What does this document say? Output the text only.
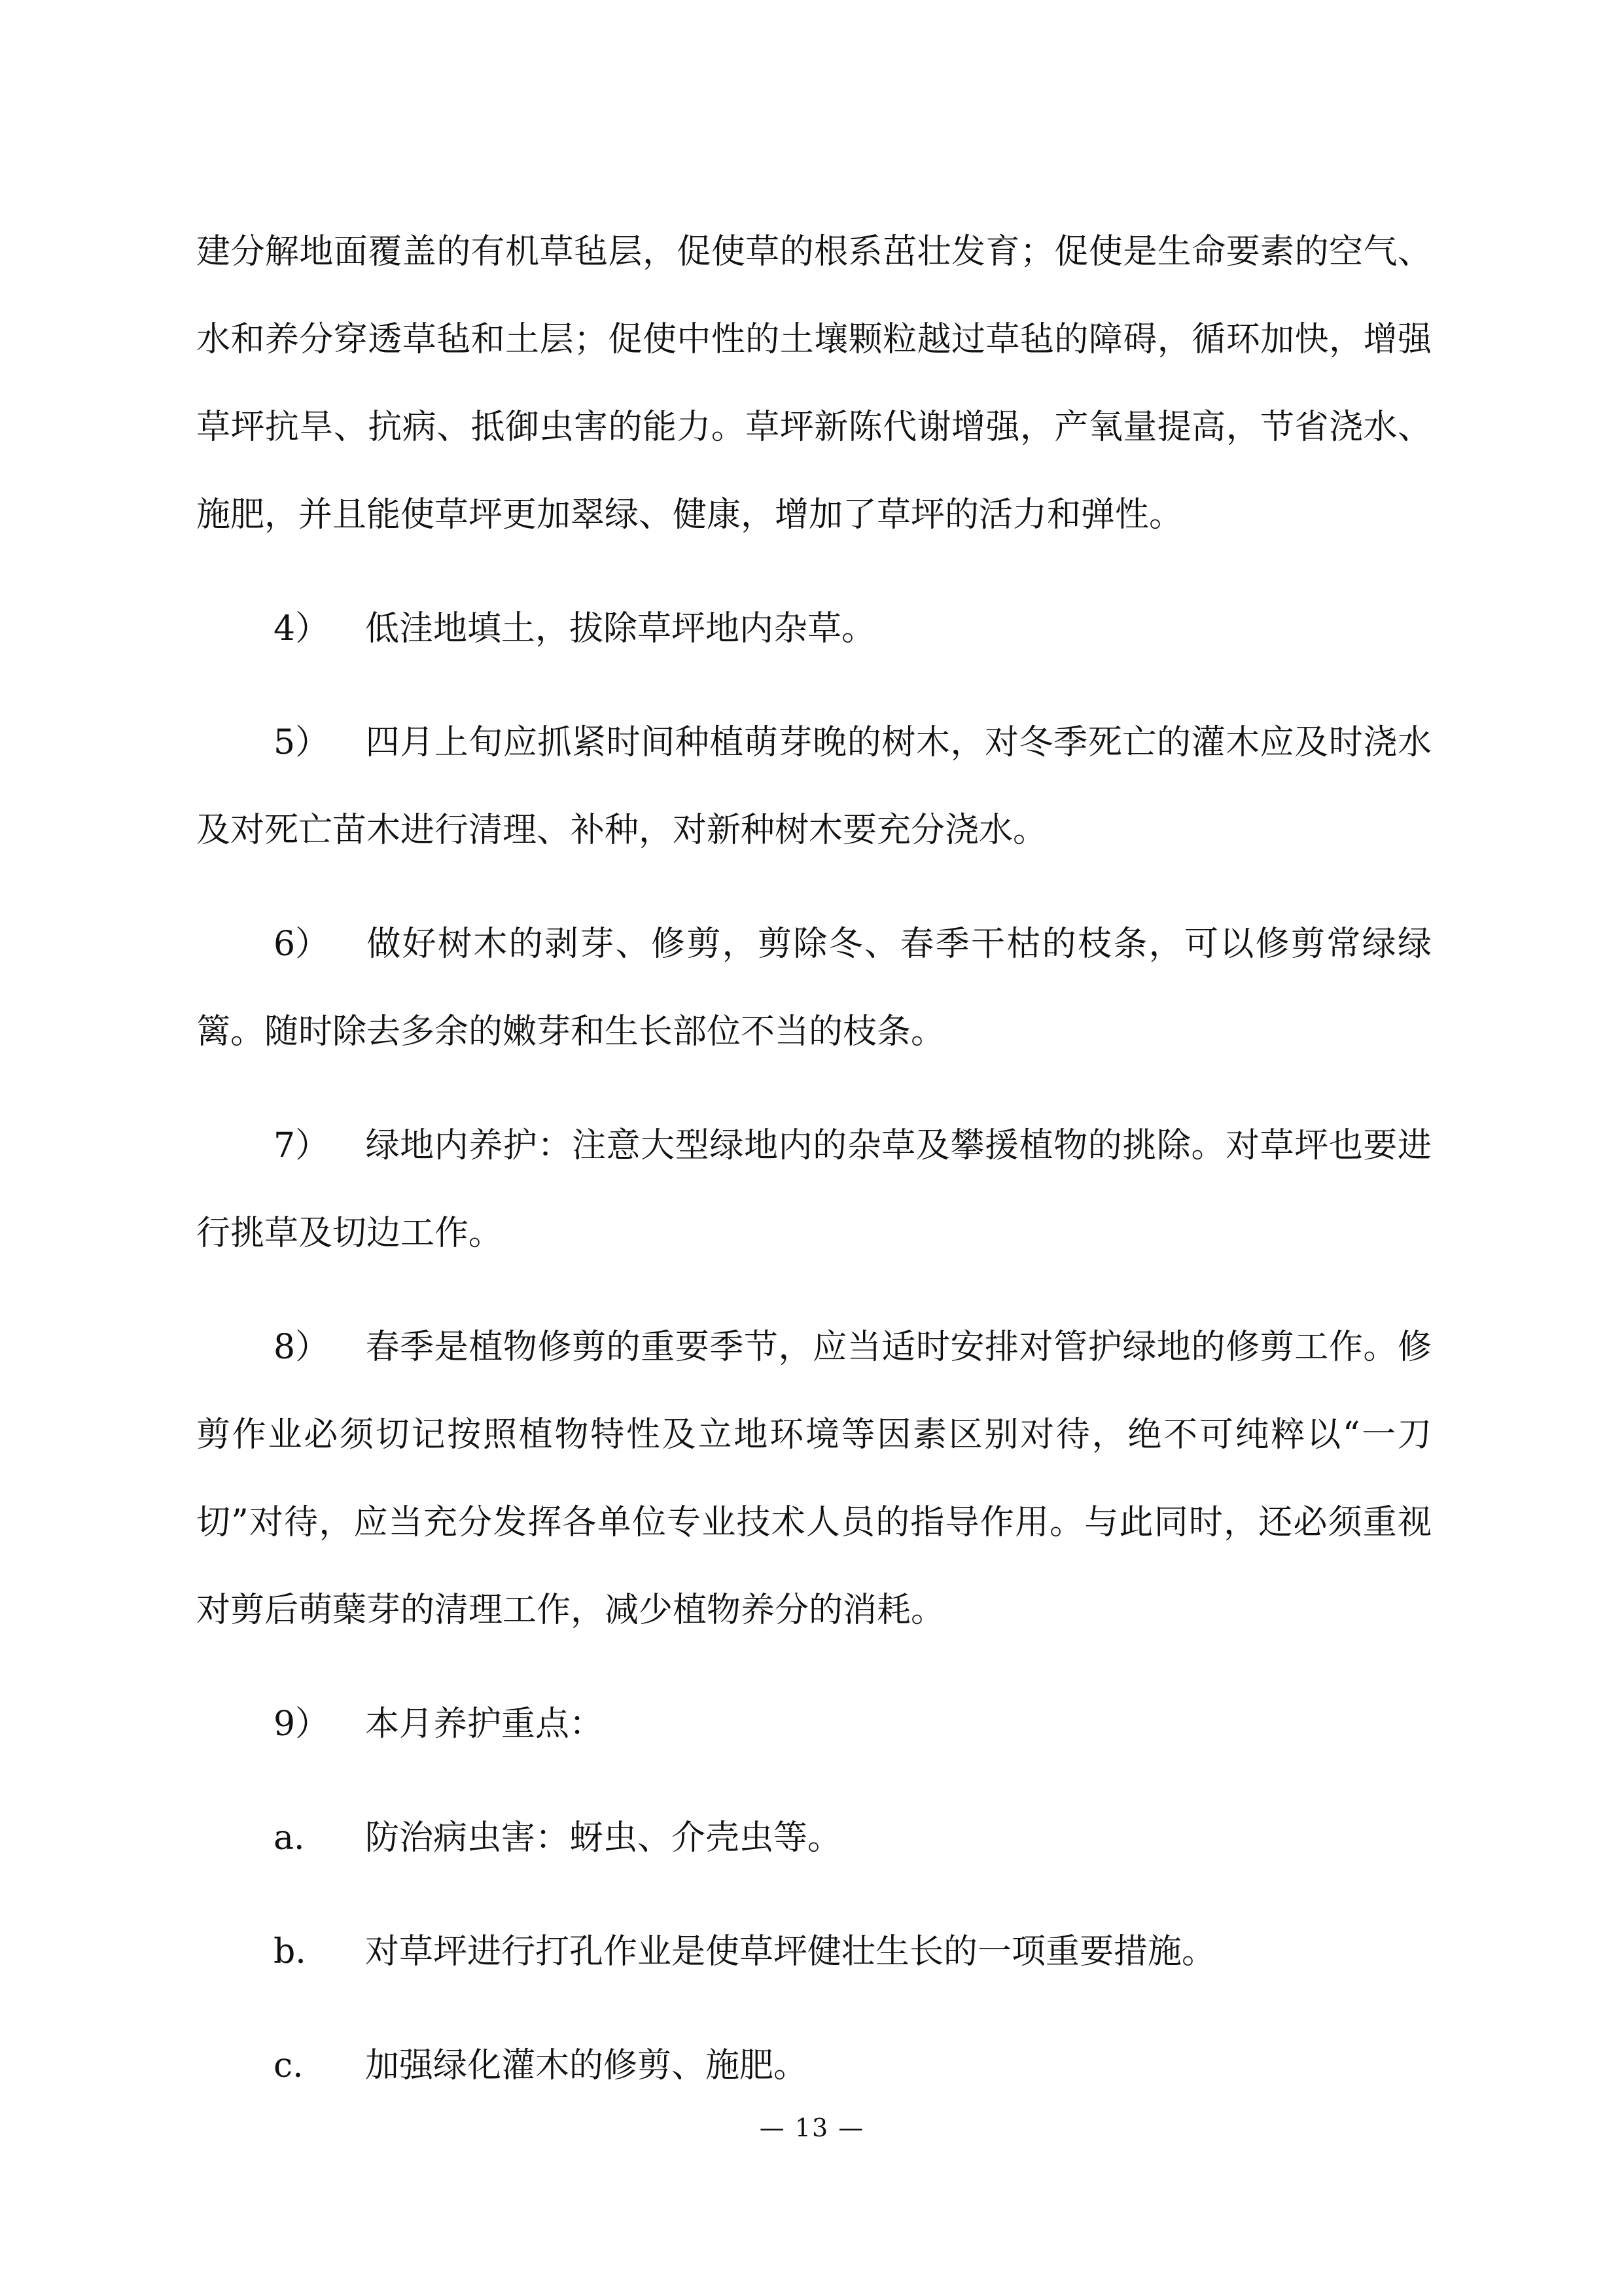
建分解地面覆盖的有机草毡层，促使草的根系茁壮发育；促使是生命要素的空气、水和养分穿透草毡和土层；促使中性的土壤颗粒越过草毡的障碍，循环加快，增强草坪抗旱、抗病、抵御虫害的能力。草坪新陈代谢增强，产氧量提高，节省浇水、施肥，并且能使草坪更加翠绿、健康，增加了草坪的活力和弹性。

4） 低洼地填土，拔除草坪地内杂草。

5） 四月上旬应抓紧时间种植萌芽晚的树木，对冬季死亡的灌木应及时浇水及对死亡苗木进行清理、补种，对新种树木要充分浇水。

6） 做好树木的剥芽、修剪，剪除冬、春季干枯的枝条，可以修剪常绿绿篱。随时除去多余的嫩芽和生长部位不当的枝条。

7） 绿地内养护：注意大型绿地内的杂草及攀援植物的挑除。对草坪也要进行挑草及切边工作。

8） 春季是植物修剪的重要季节，应当适时安排对管护绿地的修剪工作。修剪作业必须切记按照植物特性及立地环境等因素区别对待，绝不可纯粹以“一刀切”对待，应当充分发挥各单位专业技术人员的指导作用。与此同时，还必须重视对剪后萌蘖芽的清理工作，减少植物养分的消耗。

9） 本月养护重点：

a. 防治病虫害：蚜虫、介壳虫等。

b. 对草坪进行打孔作业是使草坪健壮生长的一项重要措施。

c. 加强绿化灌木的修剪、施肥。

— 13 —
